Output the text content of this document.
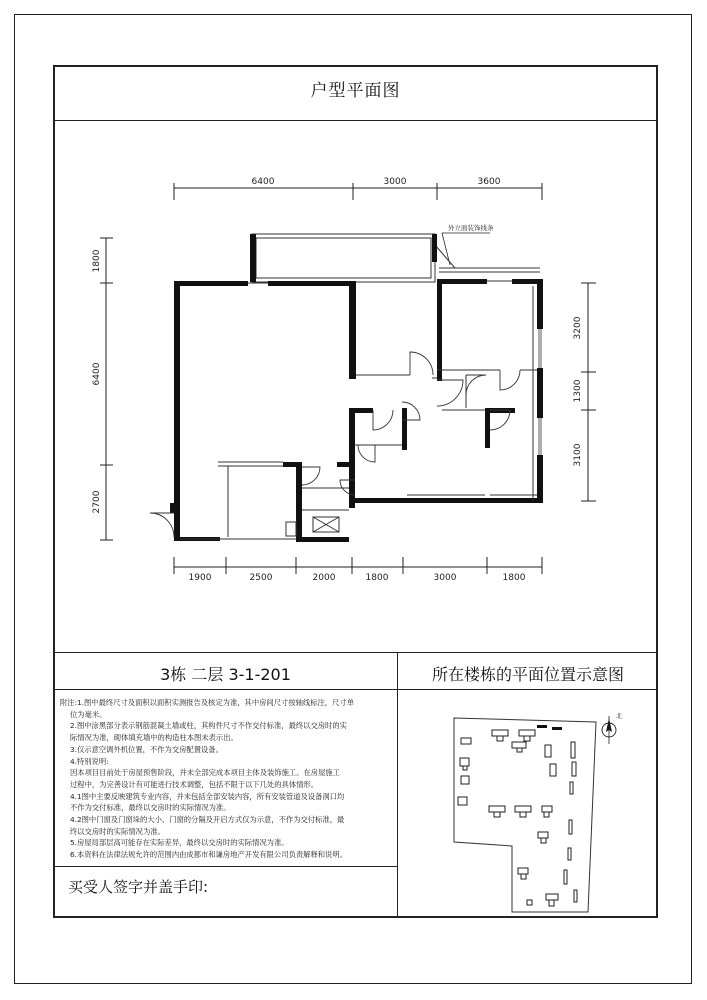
户型平面图
6400	3000	3600
1900	2500	2000	1800	3000	1800
1800
6400
2700
3200
1300
3100
外立面装饰线条
3栋 二层 3-1-201	所在楼栋的平面位置示意图
附注:1.图中最终尺寸及面积以面积实测报告及核定为准，其中房间尺寸按轴线标注，尺寸单
位为毫米。
2.图中涂黑部分表示钢筋混凝土墙或柱，其构件尺寸不作交付标准，最终以交房时的实
际情况为准，砌体填充墙中的构造柱本图未表示出。
3.仅示意空调外机位置，不作为交房配置设备。
4.特别说明:
因本项目目前处于房屋预售阶段，并未全部完成本项目主体及装饰施工。在房屋施工
过程中，为完善设计有可能进行技术调整，包括不限于以下几处的具体情形。
4.1图中主要反映建筑专业内容，并未包括全部安装内容，所有安装管道及设备洞口均
不作为交付标准，最终以交房时的实际情况为准。
4.2图中门窗及门窗垛的大小、门窗的分隔及开启方式仅为示意，不作为交付标准，最
终以交房时的实际情况为准。
5.房屋局部层高可能存在实际差异，最终以交房时的实际情况为准。
6.本资料在法律法规允许的范围内由成都市和谦房地产开发有限公司负责解释和说明。
买受人签字并盖手印:
北
